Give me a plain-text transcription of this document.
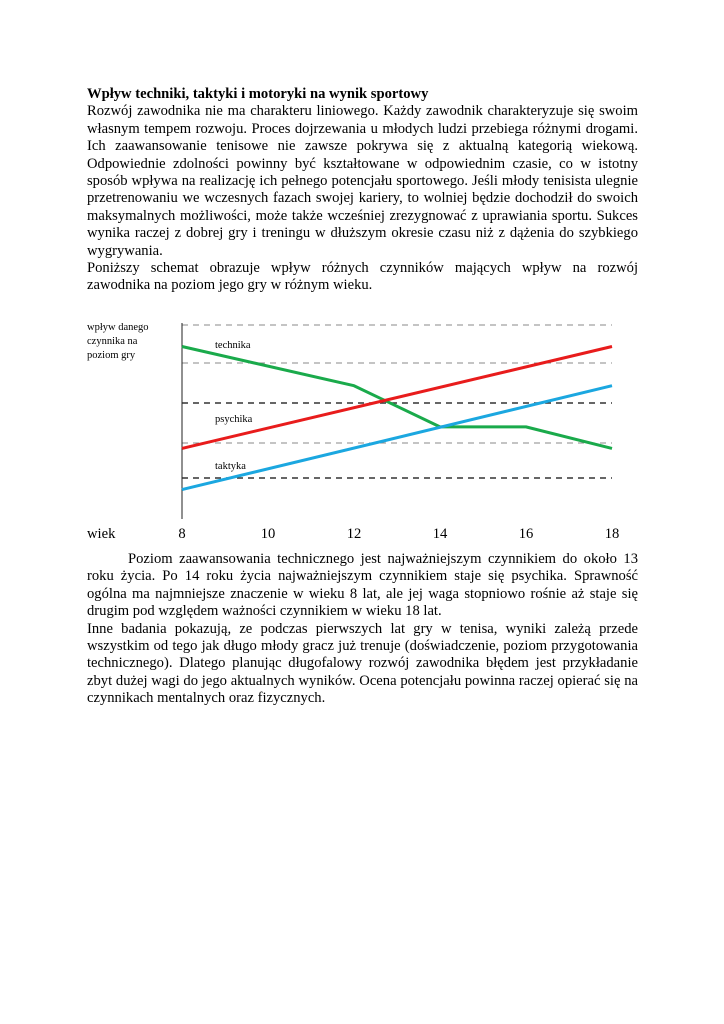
Wpływ techniki, taktyki i motoryki na wynik sportowy

Rozwój zawodnika nie ma charakteru liniowego. Każdy zawodnik charakteryzuje się swoim własnym tempem rozwoju. Proces dojrzewania u młodych ludzi przebiega różnymi drogami. Ich zaawansowanie tenisowe nie zawsze pokrywa się z aktualną kategorią wiekową. Odpowiednie zdolności powinny być kształtowane w odpowiednim czasie, co w istotny sposób wpływa na realizację ich pełnego potencjału sportowego. Jeśli młody tenisista ulegnie przetrenowaniu we wczesnych fazach swojej kariery, to wolniej będzie dochodził do swoich maksymalnych możliwości, może także wcześniej zrezygnować z uprawiania sportu. Sukces wynika raczej z dobrej gry i treningu w dłuższym okresie czasu niż z dążenia do szybkiego wygrywania.

Poniższy schemat obrazuje wpływ różnych czynników mających wpływ na rozwój zawodnika na poziom jego gry w różnym wieku.

wpływ danego
czynnika na
poziom gry
technika
psychika
taktyka
wiek	8	10	12	14	16	18

Poziom zaawansowania technicznego jest najważniejszym czynnikiem do około 13 roku życia. Po 14 roku życia najważniejszym czynnikiem staje się psychika. Sprawność ogólna ma najmniejsze znaczenie w wieku 8 lat, ale jej waga stopniowo rośnie aż staje się drugim pod względem ważności czynnikiem w wieku 18 lat.

Inne badania pokazują, ze podczas pierwszych lat gry w tenisa, wyniki zależą przede wszystkim od tego jak długo młody gracz już trenuje (doświadczenie, poziom przygotowania technicznego). Dlatego planując długofalowy rozwój zawodnika błędem jest przykładanie zbyt dużej wagi do jego aktualnych wyników. Ocena potencjału powinna raczej opierać się na czynnikach mentalnych oraz fizycznych.
